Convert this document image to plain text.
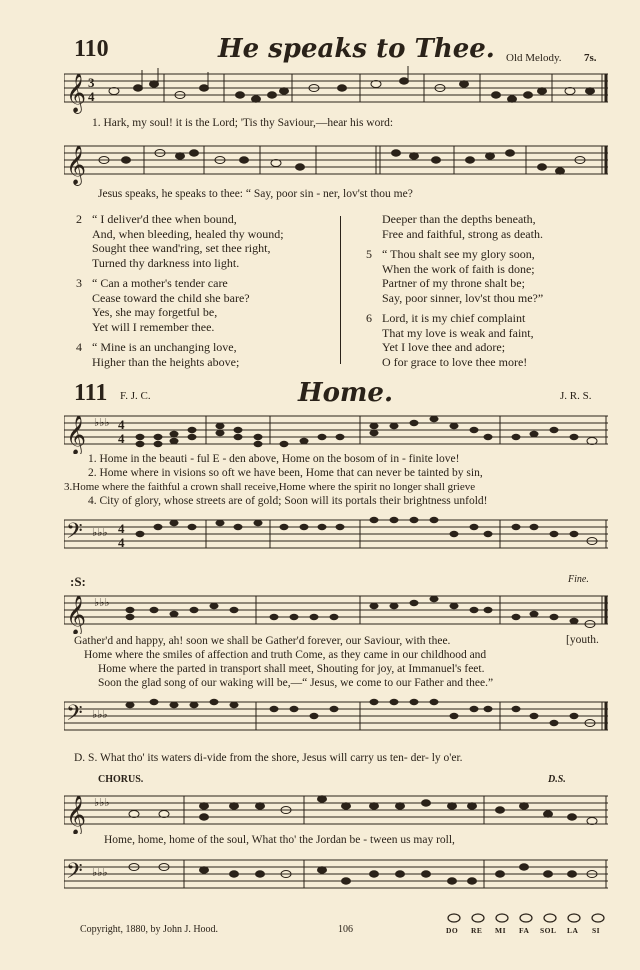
110	He speaks to Thee. Old Melody. 7s.
𝄞 3
4
1. Hark, my soul! it is the Lord; 'Tis thy Saviour,—hear his word:
𝄞
Jesus speaks, he speaks to thee: “ Say, poor sin - ner, lov'st thou me?
2 “ I deliver'd thee when bound,
And, when bleeding, healed thy wound;
Sought thee wand'ring, set thee right,
Turned thy darkness into light.
3 “ Can a mother's tender care
Cease toward the child she bare?
Yes, she may forgetful be,
Yet will I remember thee.
4 “ Mine is an unchanging love,
Higher than the heights above;
Deeper than the depths beneath,
Free and faithful, strong as death.
5 “ Thou shalt see my glory soon,
When the work of faith is done;
Partner of my throne shalt be;
Say, poor sinner, lov'st thou me?”
6 Lord, it is my chief complaint
That my love is weak and faint,
Yet I love thee and adore;
O for grace to love thee more!
111 F. J. C.	Home.	J. R. S.
𝄞 ♭♭♭ 4
4
1. Home in the beauti - ful E - den above, Home on the bosom of in - finite love!
2. Home where in visions so oft we have been, Home that can never be tainted by sin,
3.Home where the faithful a crown shall receive,Home where the spirit no longer shall grieve
4. City of glory, whose streets are of gold; Soon will its portals their brightness unfold!
𝄢 ♭♭♭ 4
4
:S:	Fine.
𝄞 ♭♭♭
Gather'd and happy, ah! soon we shall be Gather'd forever, our Saviour, with thee.
Home where the smiles of affection and truth Come, as they came in our childhood and
Home where the parted in transport shall meet, Shouting for joy, at Immanuel's feet.
Soon the glad song of our waking will be,—“ Jesus, we come to our Father and thee.”
[youth.
𝄢 ♭♭♭
D. S. What tho' its waters di-vide from the shore, Jesus will carry us ten- der- ly o'er.
CHORUS.	D.S.
𝄞 ♭♭♭
Home, home, home of the soul, What tho' the Jordan be - tween us may roll,
𝄢 ♭♭♭
Copyright, 1880, by John J. Hood.	106	DO RE MI FA SOL LA SI
